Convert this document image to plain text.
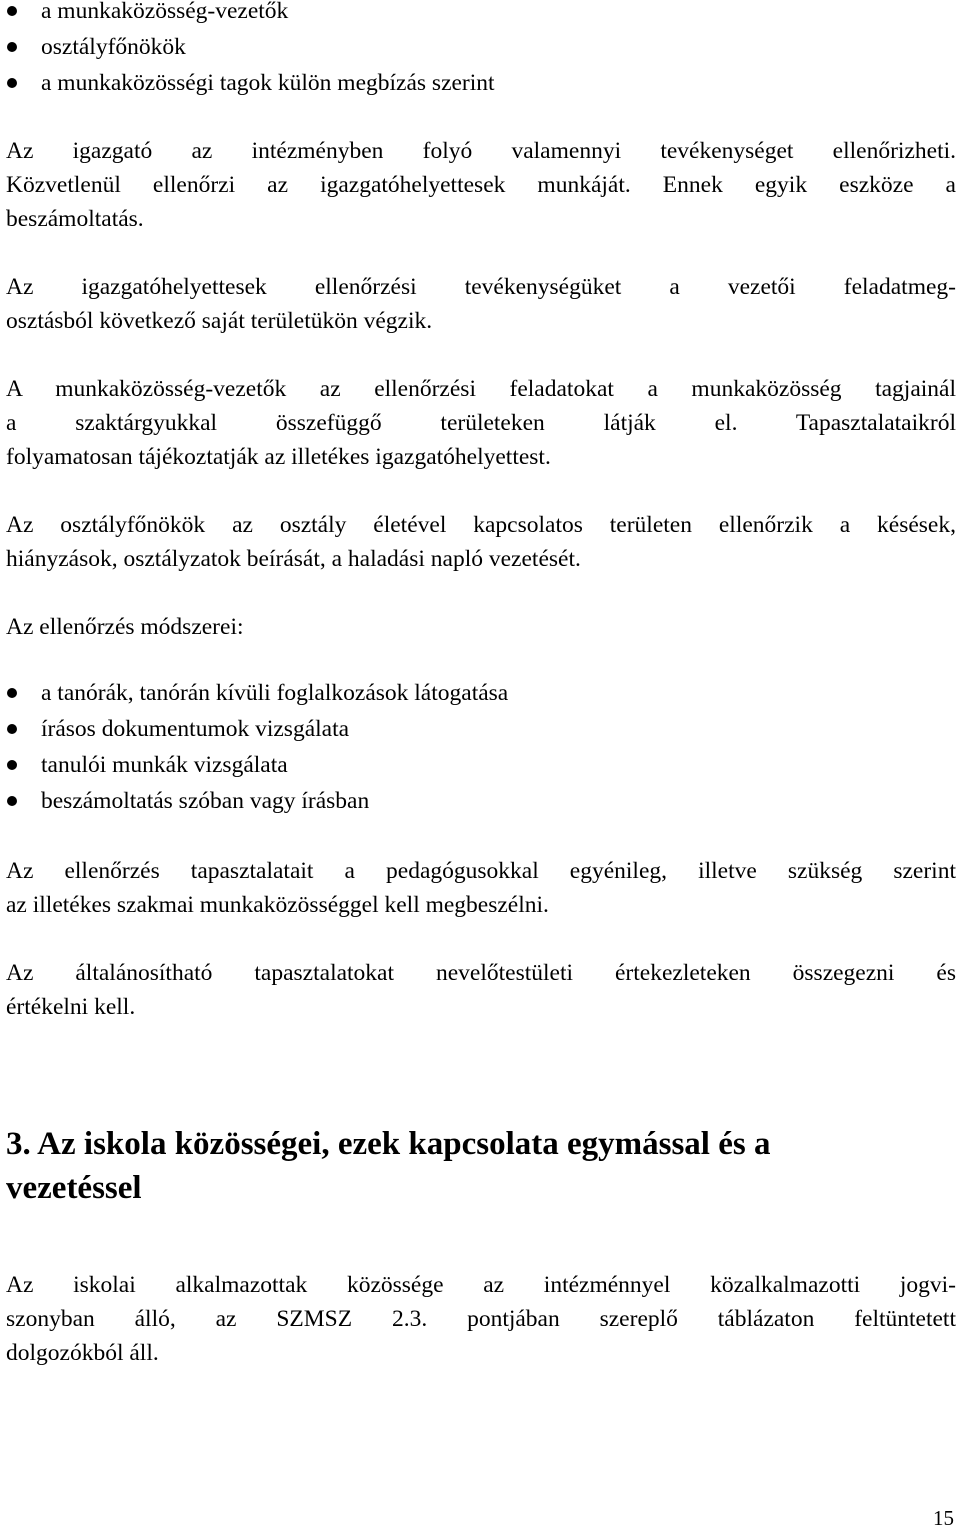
a munkaközösség-vezetők
osztályfőnökök
a munkaközösségi tagok külön megbízás szerint

Az igazgató az intézményben folyó valamennyi tevékenységet ellenőrizheti.
Közvetlenül ellenőrzi az igazgatóhelyettesek munkáját. Ennek egyik eszköze a
beszámoltatás.

Az igazgatóhelyettesek ellenőrzési tevékenységüket a vezetői feladatmeg-
osztásból következő saját területükön végzik.

A munkaközösség-vezetők az ellenőrzési feladatokat a munkaközösség tagjainál
a szaktárgyukkal összefüggő területeken látják el. Tapasztalataikról
folyamatosan tájékoztatják az illetékes igazgatóhelyettest.

Az osztályfőnökök az osztály életével kapcsolatos területen ellenőrzik a késések,
hiányzások, osztályzatok beírását, a haladási napló vezetését.

Az ellenőrzés módszerei:

a tanórák, tanórán kívüli foglalkozások látogatása
írásos dokumentumok vizsgálata
tanulói munkák vizsgálata
beszámoltatás szóban vagy írásban

Az ellenőrzés tapasztalatait a pedagógusokkal egyénileg, illetve szükség szerint
az illetékes szakmai munkaközösséggel kell megbeszélni.

Az általánosítható tapasztalatokat nevelőtestületi értekezleteken összegezni és
értékelni kell.

3. Az iskola közösségei, ezek kapcsolata egymással és a
vezetéssel

Az iskolai alkalmazottak közössége az intézménnyel közalkalmazotti jogvi-
szonyban álló, az SZMSZ 2.3. pontjában szereplő táblázaton feltüntetett
dolgozókból áll.

15
